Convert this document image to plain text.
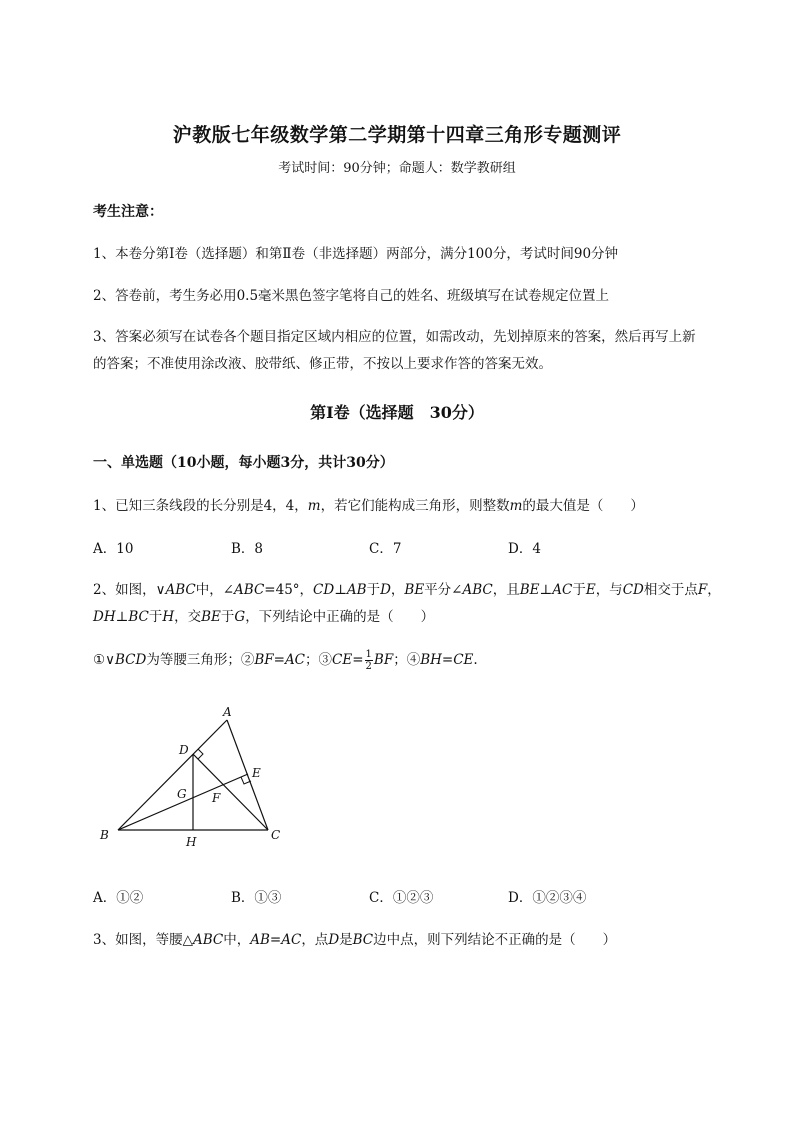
沪教版七年级数学第二学期第十四章三角形专题测评
考试时间：90分钟；命题人：数学教研组
考生注意：
1、本卷分第I卷（选择题）和第Ⅱ卷（非选择题）两部分，满分100分，考试时间90分钟
2、答卷前，考生务必用0.5毫米黑色签字笔将自己的姓名、班级填写在试卷规定位置上
3、答案必须写在试卷各个题目指定区域内相应的位置，如需改动，先划掉原来的答案，然后再写上新
的答案；不准使用涂改液、胶带纸、修正带，不按以上要求作答的答案无效。
第I卷（选择题　30分）
一、单选题（10小题，每小题3分，共计30分）
1、已知三条线段的长分别是4，4，m，若它们能构成三角形，则整数m的最大值是（　　）
A．10	B．8	C．7	D．4
2、如图，∨ABC中，∠ABC=45°，CD⊥AB于D，BE平分∠ABC，且BE⊥AC于E，与CD相交于点F，
DH⊥BC于H，交BE于G，下列结论中正确的是（　　）
①∨BCD为等腰三角形；②BF=AC；③CE= $\frac{1}{2}$ BF；④BH=CE.
A
B	C
D
E
F
G
H
A．①②	B．①③	C．①②③	D．①②③④
3、如图，等腰△ABC中，AB=AC，点D是BC边中点，则下列结论不正确的是（　　）
